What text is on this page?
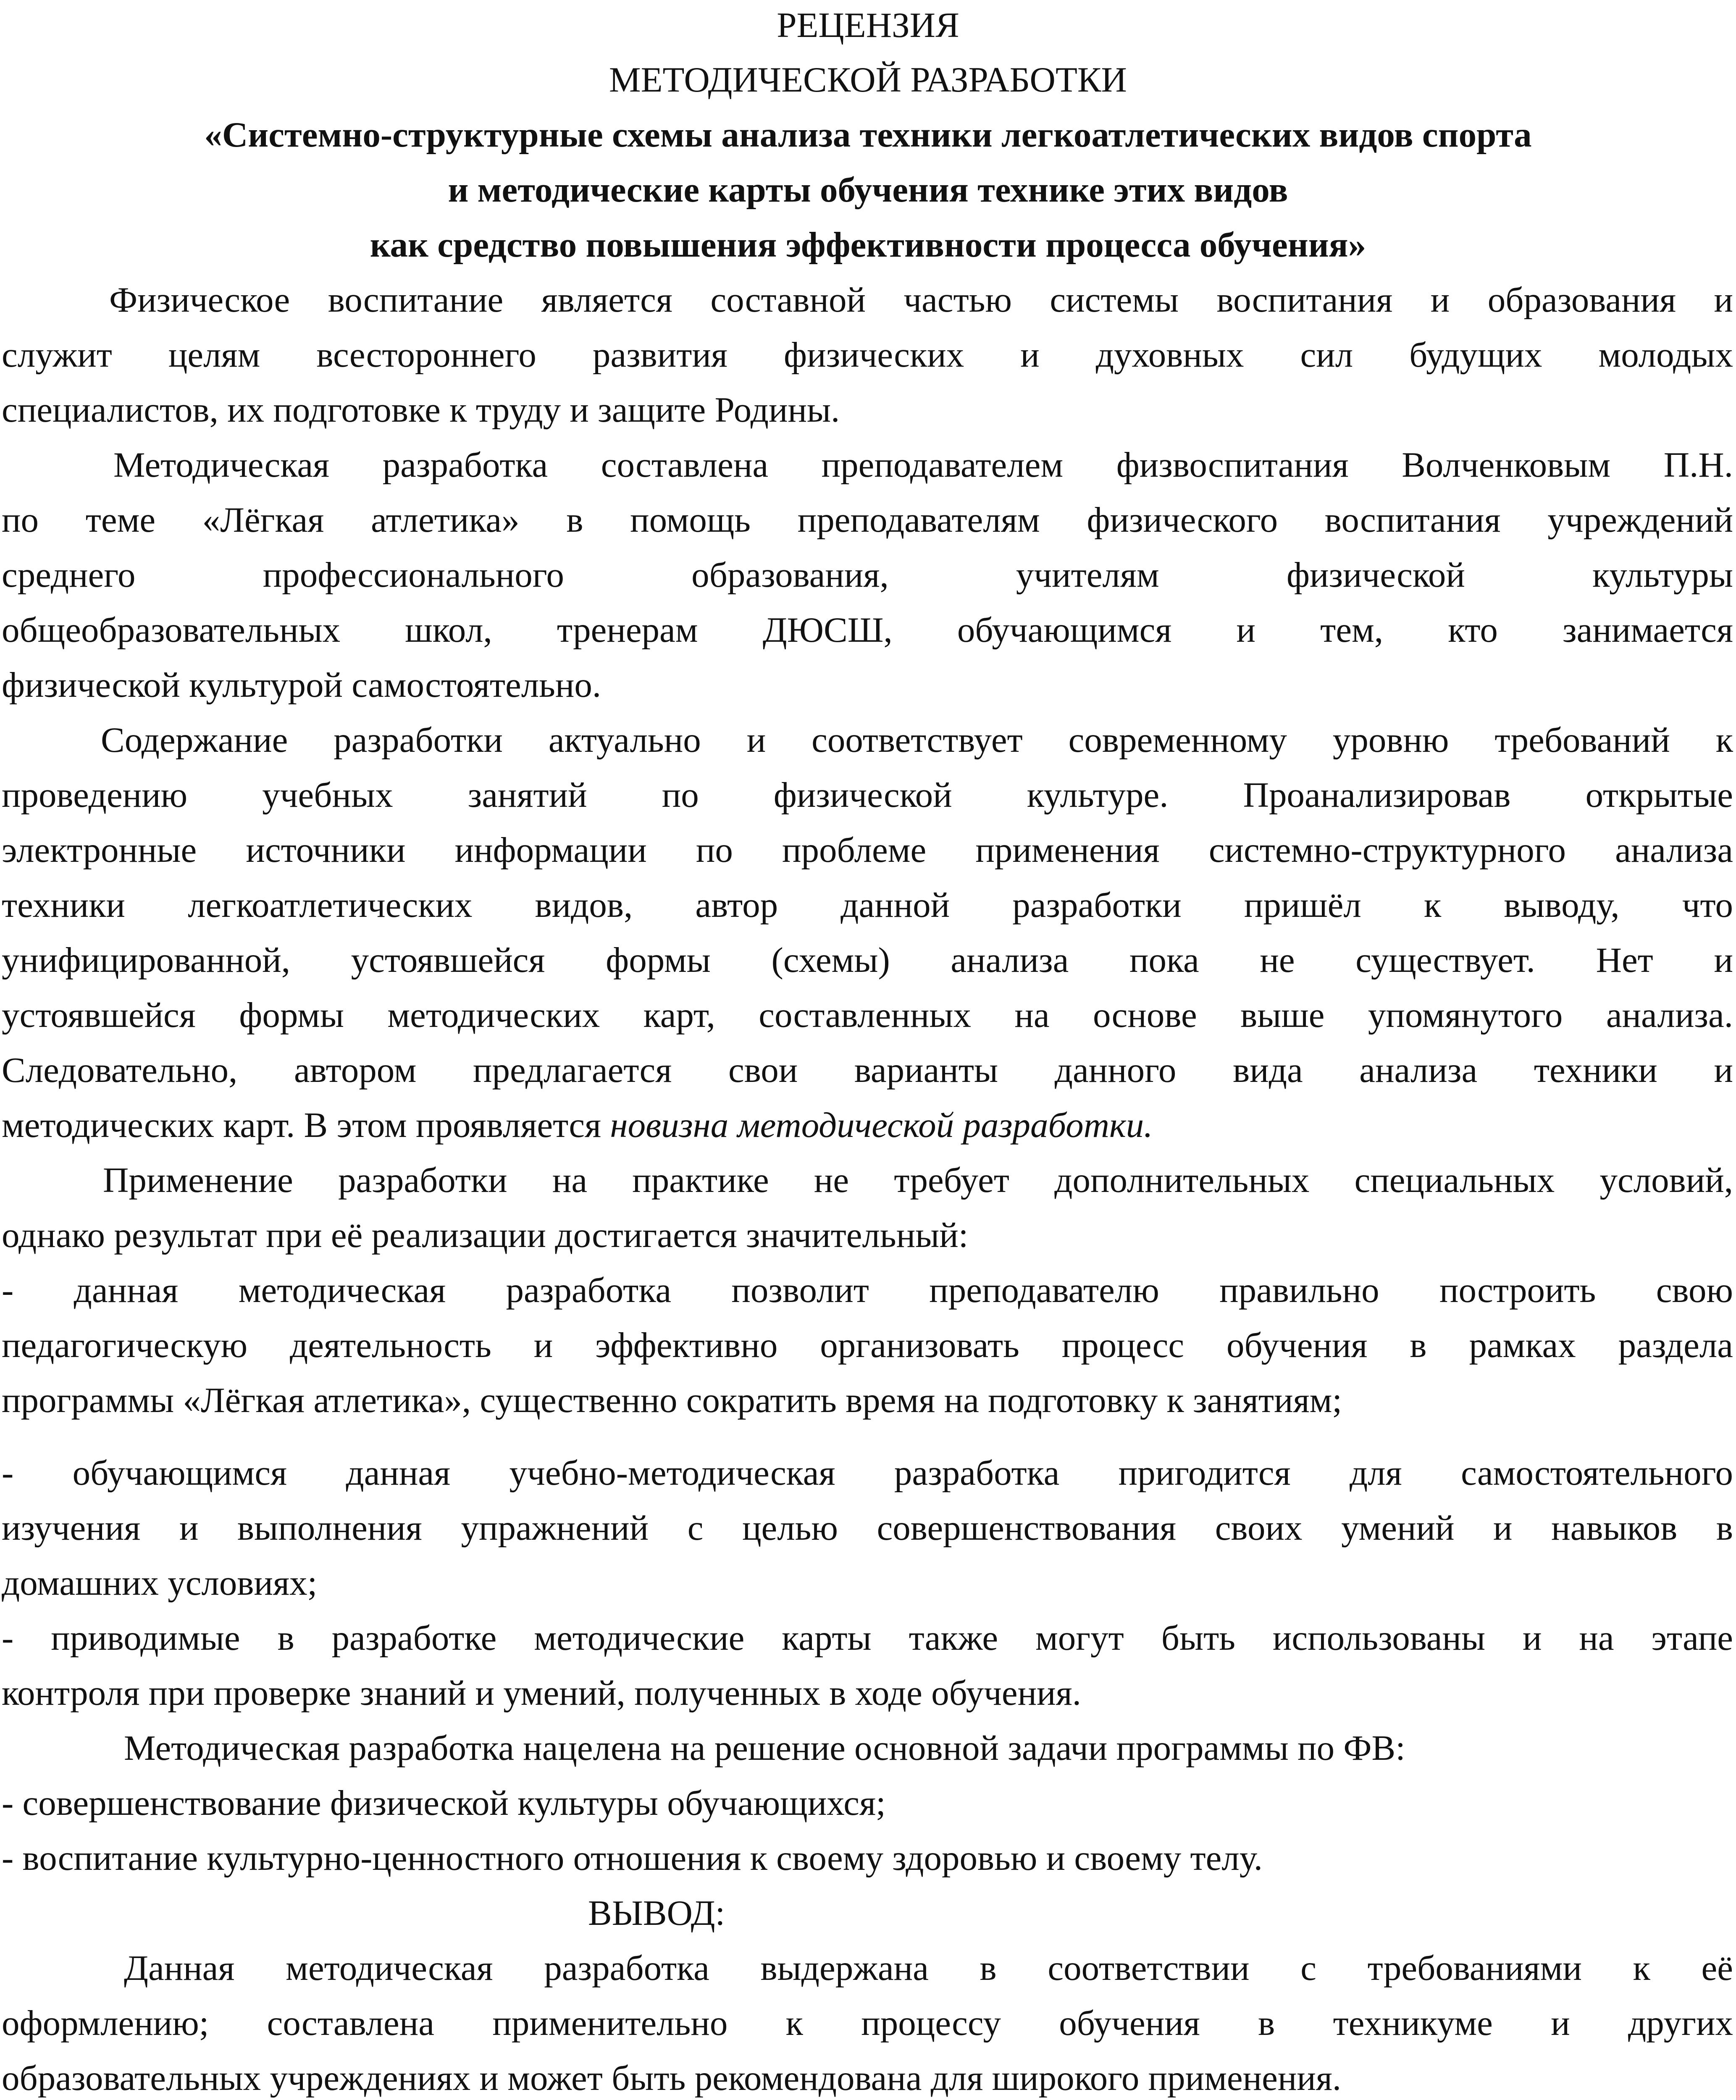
РЕЦЕНЗИЯ
МЕТОДИЧЕСКОЙ РАЗРАБОТКИ
«Системно-структурные схемы анализа техники легкоатлетических видов спорта
и методические карты обучения технике этих видов
как средство повышения эффективности процесса обучения»
Физическое воспитание является составной частью системы воспитания и образования и
служит целям всестороннего развития физических и духовных сил будущих молодых
специалистов, их подготовке к труду и защите Родины.
Методическая разработка составлена преподавателем физвоспитания Волченковым П.Н.
по теме «Лёгкая атлетика» в помощь преподавателям физического воспитания учреждений
среднего профессионального образования, учителям физической культуры
общеобразовательных школ, тренерам ДЮСШ, обучающимся и тем, кто занимается
физической культурой самостоятельно.
Содержание разработки актуально и соответствует современному уровню требований к
проведению учебных занятий по физической культуре. Проанализировав открытые
электронные источники информации по проблеме применения системно-структурного анализа
техники легкоатлетических видов, автор данной разработки пришёл к выводу, что
унифицированной, устоявшейся формы (схемы) анализа пока не существует. Нет и
устоявшейся формы методических карт, составленных на основе выше упомянутого анализа.
Следовательно, автором предлагается свои варианты данного вида анализа техники и
методических карт. В этом проявляется новизна методической разработки.
Применение разработки на практике не требует дополнительных специальных условий,
однако результат при её реализации достигается значительный:
- данная методическая разработка позволит преподавателю правильно построить свою
педагогическую деятельность и эффективно организовать процесс обучения в рамках раздела
программы «Лёгкая атлетика», существенно сократить время на подготовку к занятиям;
- обучающимся данная учебно-методическая разработка пригодится для самостоятельного
изучения и выполнения упражнений с целью совершенствования своих умений и навыков в
домашних условиях;
- приводимые в разработке методические карты также могут быть использованы и на этапе
контроля при проверке знаний и умений, полученных в ходе обучения.
Методическая разработка нацелена на решение основной задачи программы по ФВ:
- совершенствование физической культуры обучающихся;
- воспитание культурно-ценностного отношения к своему здоровью и своему телу.
ВЫВОД:
Данная методическая разработка выдержана в соответствии с требованиями к её
оформлению; составлена применительно к процессу обучения в техникуме и других
образовательных учреждениях и может быть рекомендована для широкого применения.
